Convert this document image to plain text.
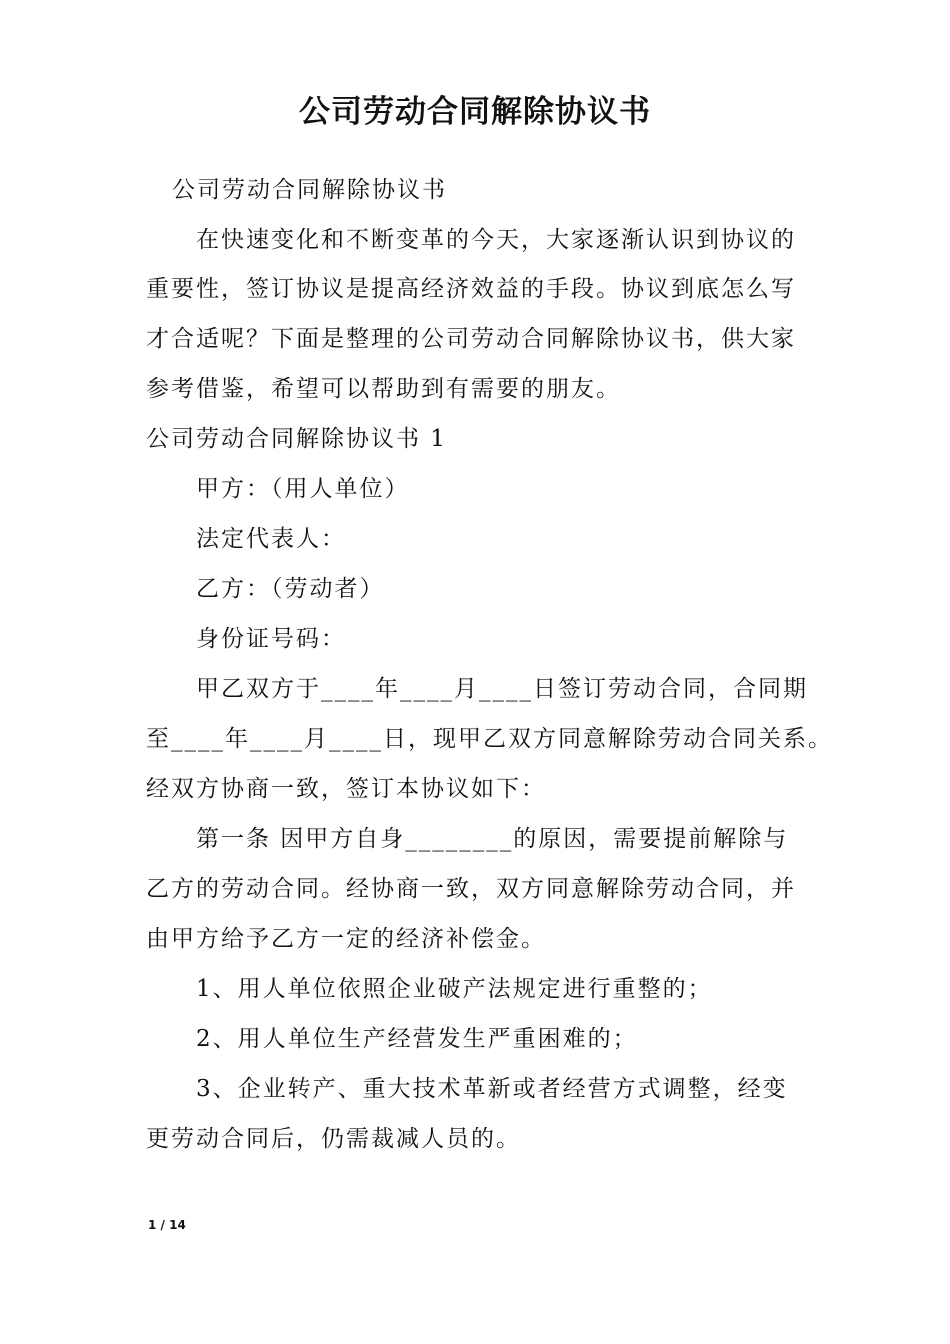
公司劳动合同解除协议书
公司劳动合同解除协议书
在快速变化和不断变革的今天，大家逐渐认识到协议的
重要性，签订协议是提高经济效益的手段。协议到底怎么写
才合适呢？下面是整理的公司劳动合同解除协议书，供大家
参考借鉴，希望可以帮助到有需要的朋友。
公司劳动合同解除协议书 1
甲方：（用人单位）
法定代表人：
乙方：（劳动者）
身份证号码：
甲乙双方于____年____月____日签订劳动合同，合同期
至____年____月____日，现甲乙双方同意解除劳动合同关系。
经双方协商一致，签订本协议如下：
第一条 因甲方自身________的原因，需要提前解除与
乙方的劳动合同。经协商一致，双方同意解除劳动合同，并
由甲方给予乙方一定的经济补偿金。
1、用人单位依照企业破产法规定进行重整的；
2、用人单位生产经营发生严重困难的；
3、企业转产、重大技术革新或者经营方式调整，经变
更劳动合同后，仍需裁减人员的。
1 / 14
